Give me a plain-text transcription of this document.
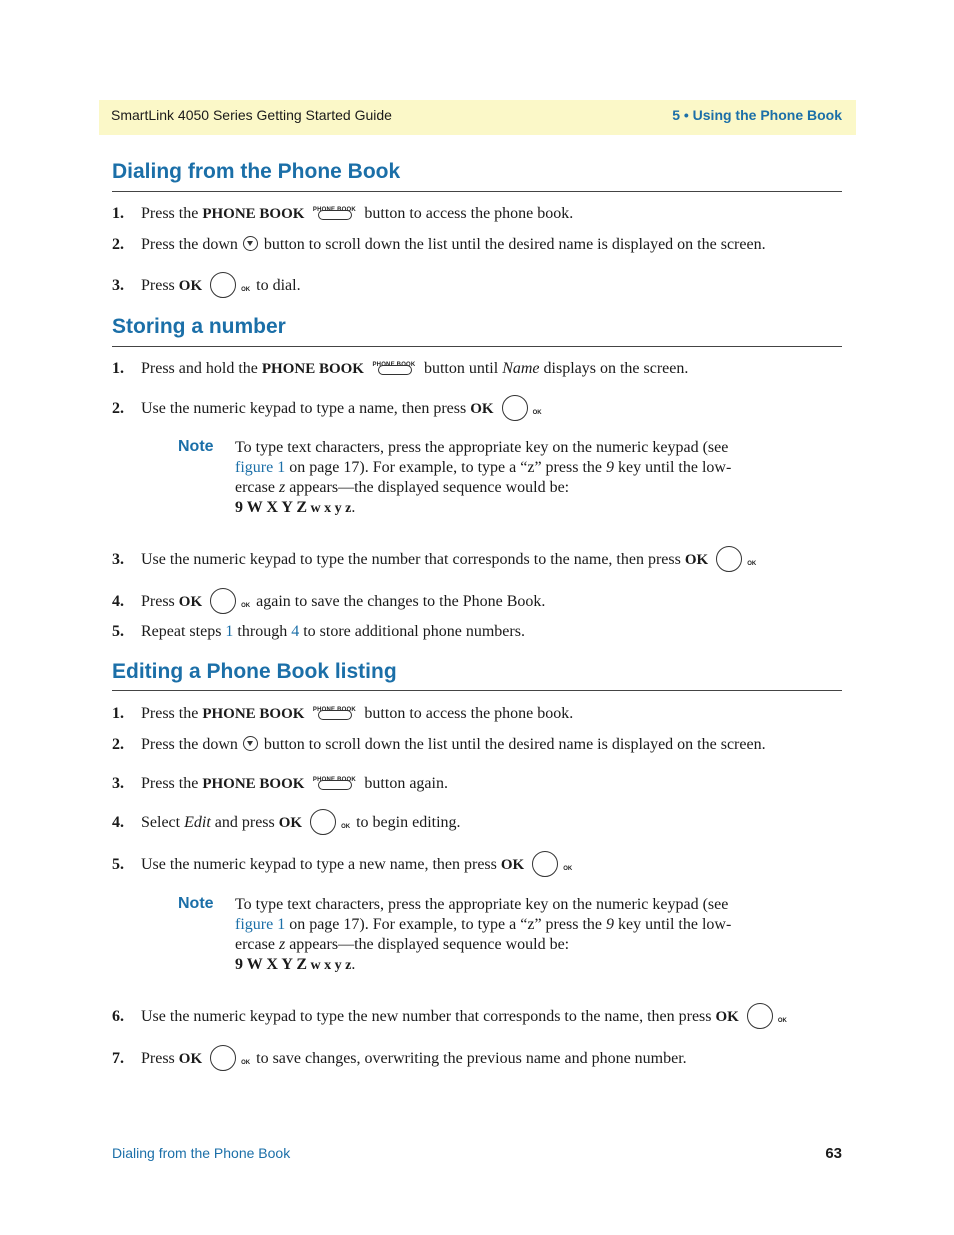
SmartLink 4050 Series Getting Started Guide	5 • Using the Phone Book
Dialing from the Phone Book
1. Press the PHONE BOOK PHONE BOOK button to access the phone book.
2. Press the down button to scroll down the list until the desired name is displayed on the screen.
3. Press OK	OK to dial.
Storing a number
1. Press and hold the PHONE BOOK PHONE BOOK button until Name displays on the screen.
2. Use the numeric keypad to type a name, then press OK	OK
Note To type text characters, press the appropriate key on the numeric keypad (see
figure 1 on page 17). For example, to type a “z” press the 9 key until the low-
ercase z appears—the displayed sequence would be:
9 W X Y Z w x y z.
3. Use the numeric keypad to type the number that corresponds to the name, then press OK	OK
4. Press OK	OK again to save the changes to the Phone Book.
5. Repeat steps 1 through 4 to store additional phone numbers.
Editing a Phone Book listing
1. Press the PHONE BOOK PHONE BOOK button to access the phone book.
2. Press the down button to scroll down the list until the desired name is displayed on the screen.
3. Press the PHONE BOOK PHONE BOOK button again.
4. Select Edit and press OK	OK to begin editing.
5. Use the numeric keypad to type a new name, then press OK	OK
Note To type text characters, press the appropriate key on the numeric keypad (see
figure 1 on page 17). For example, to type a “z” press the 9 key until the low-
ercase z appears—the displayed sequence would be:
9 W X Y Z w x y z.
6. Use the numeric keypad to type the new number that corresponds to the name, then press OK	OK
7. Press OK	OK to save changes, overwriting the previous name and phone number.
Dialing from the Phone Book	63
